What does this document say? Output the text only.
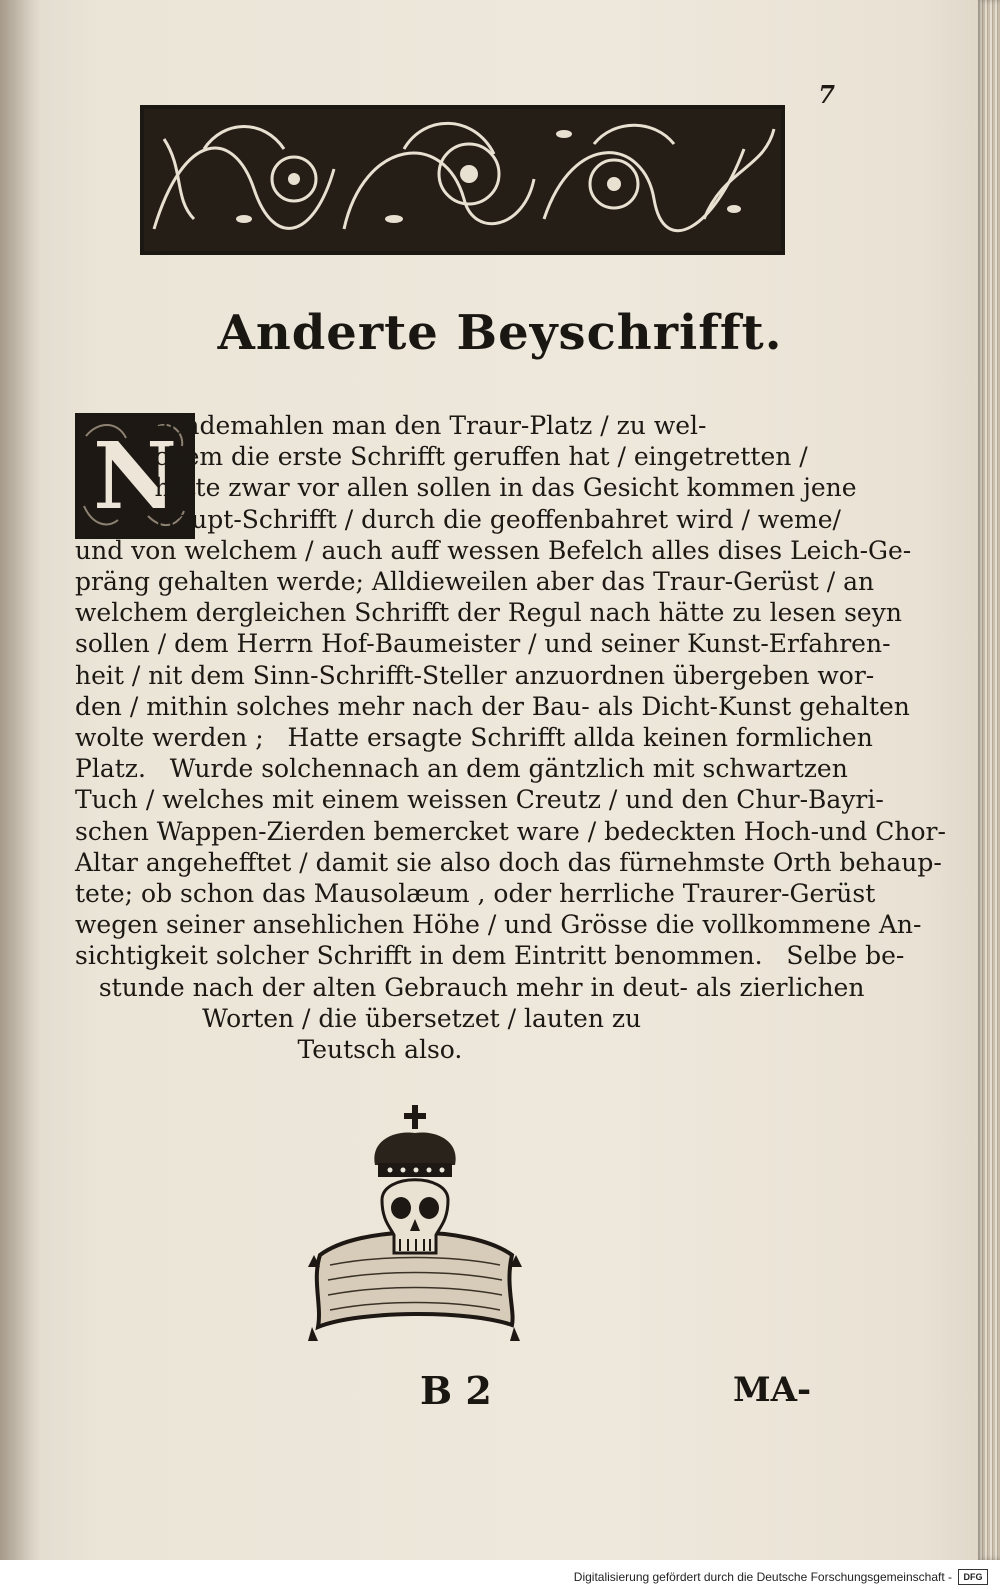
7
Anderte Beyschrifft.
N
achdemahlen man den Traur-Platz / zu wel-
chem die erste Schrifft geruffen hat / eingetretten /
hätte zwar vor allen sollen in das Gesicht kommen jene
Haupt-Schrifft / durch die geoffenbahret wird / weme/
und von welchem / auch auff wessen Befelch alles dises Leich-Ge-
präng gehalten werde; Alldieweilen aber das Traur-Gerüst / an
welchem dergleichen Schrifft der Regul nach hätte zu lesen seyn
sollen / dem Herrn Hof-Baumeister / und seiner Kunst-Erfahren-
heit / nit dem Sinn-Schrifft-Steller anzuordnen übergeben wor-
den / mithin solches mehr nach der Bau- als Dicht-Kunst gehalten
wolte werden ;   Hatte ersagte Schrifft allda keinen formlichen
Platz.   Wurde solchennach an dem gäntzlich mit schwartzen
Tuch / welches mit einem weissen Creutz / und den Chur-Bayri-
schen Wappen-Zierden bemercket ware / bedeckten Hoch-und Chor-
Altar angehefftet / damit sie also doch das fürnehmste Orth behaup-
tete; ob schon das Mausolæum , oder herrliche Traurer-Gerüst
wegen seiner ansehlichen Höhe / und Grösse die vollkommene An-
sichtigkeit solcher Schrifft in dem Eintritt benommen.   Selbe be-
stunde nach der alten Gebrauch mehr in deut- als zierlichen
Worten / die übersetzet / lauten zu
Teutsch also.
B 2	MA-
Digitalisierung gefördert durch die Deutsche Forschungsgemeinschaft -	DFG
